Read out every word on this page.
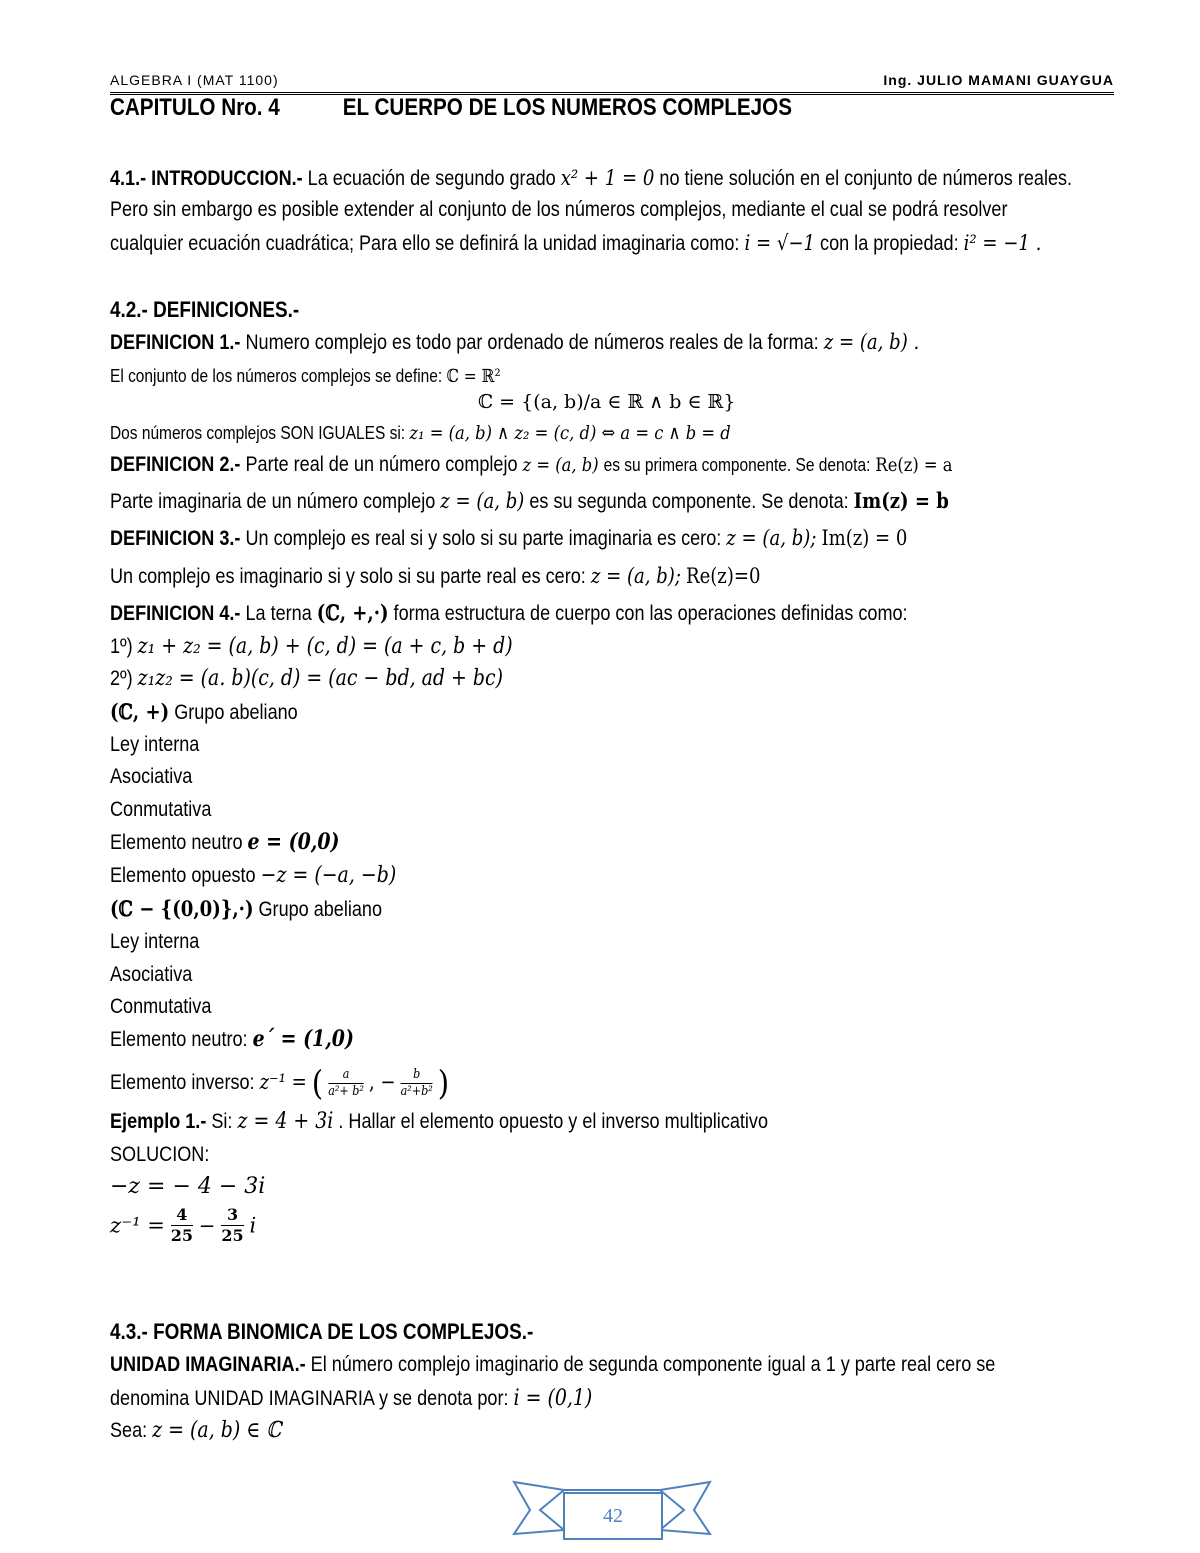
ALGEBRA I (MAT 1100)	Ing. JULIO MAMANI GUAYGUA
CAPITULO Nro. 4	EL CUERPO DE LOS NUMEROS COMPLEJOS
4.1.- INTRODUCCION.- La ecuación de segundo grado x² + 1 = 0 no tiene solución en el conjunto de números reales.
Pero sin embargo es posible extender al conjunto de los números complejos, mediante el cual se podrá resolver
cualquier ecuación cuadrática; Para ello se definirá la unidad imaginaria como: i = √−1 con la propiedad: i² = −1 .
4.2.- DEFINICIONES.-
DEFINICION 1.- Numero complejo es todo par ordenado de números reales de la forma: z = (a, b) .
El conjunto de los números complejos se define: ℂ = ℝ²
ℂ = {(a, b)/a ∈ ℝ ∧ b ∈ ℝ}
Dos números complejos SON IGUALES si: z₁ = (a, b) ∧ z₂ = (c, d) ⇔ a = c ∧ b = d
DEFINICION 2.- Parte real de un número complejo z = (a, b) es su primera componente. Se denota: Re(z) = a
Parte imaginaria de un número complejo z = (a, b) es su segunda componente. Se denota: Im(z) = b
DEFINICION 3.- Un complejo es real si y solo si su parte imaginaria es cero: z = (a, b); Im(z) = 0
Un complejo es imaginario si y solo si su parte real es cero: z = (a, b); Re(z)=0
DEFINICION 4.- La terna (ℂ, +,·) forma estructura de cuerpo con las operaciones definidas como:
1º) z₁ + z₂ = (a, b) + (c, d) = (a + c, b + d)
2º) z₁z₂ = (a. b)(c, d) = (ac − bd, ad + bc)
(ℂ, +) Grupo abeliano
Ley interna
Asociativa
Conmutativa
Elemento neutro e = (0,0)
Elemento opuesto −z = (−a, −b)
(ℂ − {(0,0)},·) Grupo abeliano
Ley interna
Asociativa
Conmutativa
Elemento neutro: e´ = (1,0)
Elemento inverso: z⁻¹ = ( $\frac{a}{\text{a²+ b²}}$ , − $\frac{b}{\text{a²+b²}}$ )
Ejemplo 1.- Si: z = 4 + 3i . Hallar el elemento opuesto y el inverso multiplicativo
SOLUCION:
−z = − 4 − 3i
$z^{-1} = \frac{4}{25} - \frac{3}{25}$ i
4.3.- FORMA BINOMICA DE LOS COMPLEJOS.-
UNIDAD IMAGINARIA.- El número complejo imaginario de segunda componente igual a 1 y parte real cero se
denomina UNIDAD IMAGINARIA y se denota por: i = (0,1)
Sea: z = (a, b) ∈ ℂ
42
